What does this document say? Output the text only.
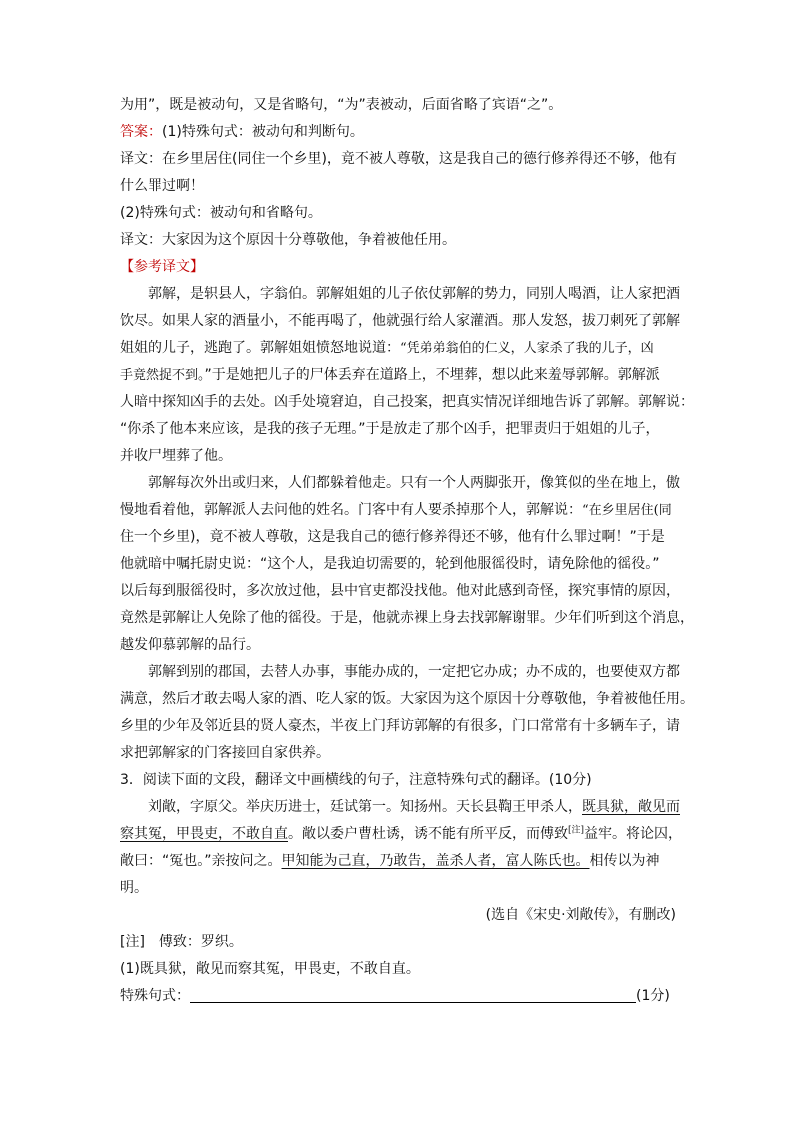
为用”，既是被动句，又是省略句，“为”表被动，后面省略了宾语“之”。
答案：(1)特殊句式：被动句和判断句。
译文：在乡里居住(同住一个乡里)，竟不被人尊敬，这是我自己的德行修养得还不够，他有
什么罪过啊！
(2)特殊句式：被动句和省略句。
译文：大家因为这个原因十分尊敬他，争着被他任用。
【参考译文】
郭解，是轵县人，字翁伯。郭解姐姐的儿子依仗郭解的势力，同别人喝酒，让人家把酒
饮尽。如果人家的酒量小，不能再喝了，他就强行给人家灌酒。那人发怒，拔刀刺死了郭解
姐姐的儿子，逃跑了。郭解姐姐愤怒地说道：“凭弟弟翁伯的仁义，人家杀了我的儿子，凶
手竟然捉不到。”于是她把儿子的尸体丢弃在道路上，不埋葬，想以此来羞辱郭解。郭解派
人暗中探知凶手的去处。凶手处境窘迫，自己投案，把真实情况详细地告诉了郭解。郭解说：
“你杀了他本来应该，是我的孩子无理。”于是放走了那个凶手，把罪责归于姐姐的儿子，
并收尸埋葬了他。
郭解每次外出或归来，人们都躲着他走。只有一个人两脚张开，像箕似的坐在地上，傲
慢地看着他，郭解派人去问他的姓名。门客中有人要杀掉那个人，郭解说：“在乡里居住(同
住一个乡里)，竟不被人尊敬，这是我自己的德行修养得还不够，他有什么罪过啊！”于是
他就暗中嘱托尉史说：“这个人，是我迫切需要的，轮到他服徭役时，请免除他的徭役。”
以后每到服徭役时，多次放过他，县中官吏都没找他。他对此感到奇怪，探究事情的原因，
竟然是郭解让人免除了他的徭役。于是，他就赤裸上身去找郭解谢罪。少年们听到这个消息，
越发仰慕郭解的品行。
郭解到别的郡国，去替人办事，事能办成的，一定把它办成；办不成的，也要使双方都
满意，然后才敢去喝人家的酒、吃人家的饭。大家因为这个原因十分尊敬他，争着被他任用。
乡里的少年及邻近县的贤人豪杰，半夜上门拜访郭解的有很多，门口常常有十多辆车子，请
求把郭解家的门客接回自家供养。
3．阅读下面的文段，翻译文中画横线的句子，注意特殊句式的翻译。(10分)
刘敞，字原父。举庆历进士，廷试第一。知扬州。天长县鞫王甲杀人，既具狱，敞见而
察其冤，甲畏吏，不敢自直。敞以委户曹杜诱，诱不能有所平反，而傅致[注]益牢。将论囚，
敞曰：“冤也。”亲按问之。甲知能为己直，乃敢告，盖杀人者，富人陈氏也。相传以为神
明。
(选自《宋史·刘敞传》，有删改)
[注]　傅致：罗织。
(1)既具狱，敞见而察其冤，甲畏吏，不敢自直。
特殊句式：	(1分)
